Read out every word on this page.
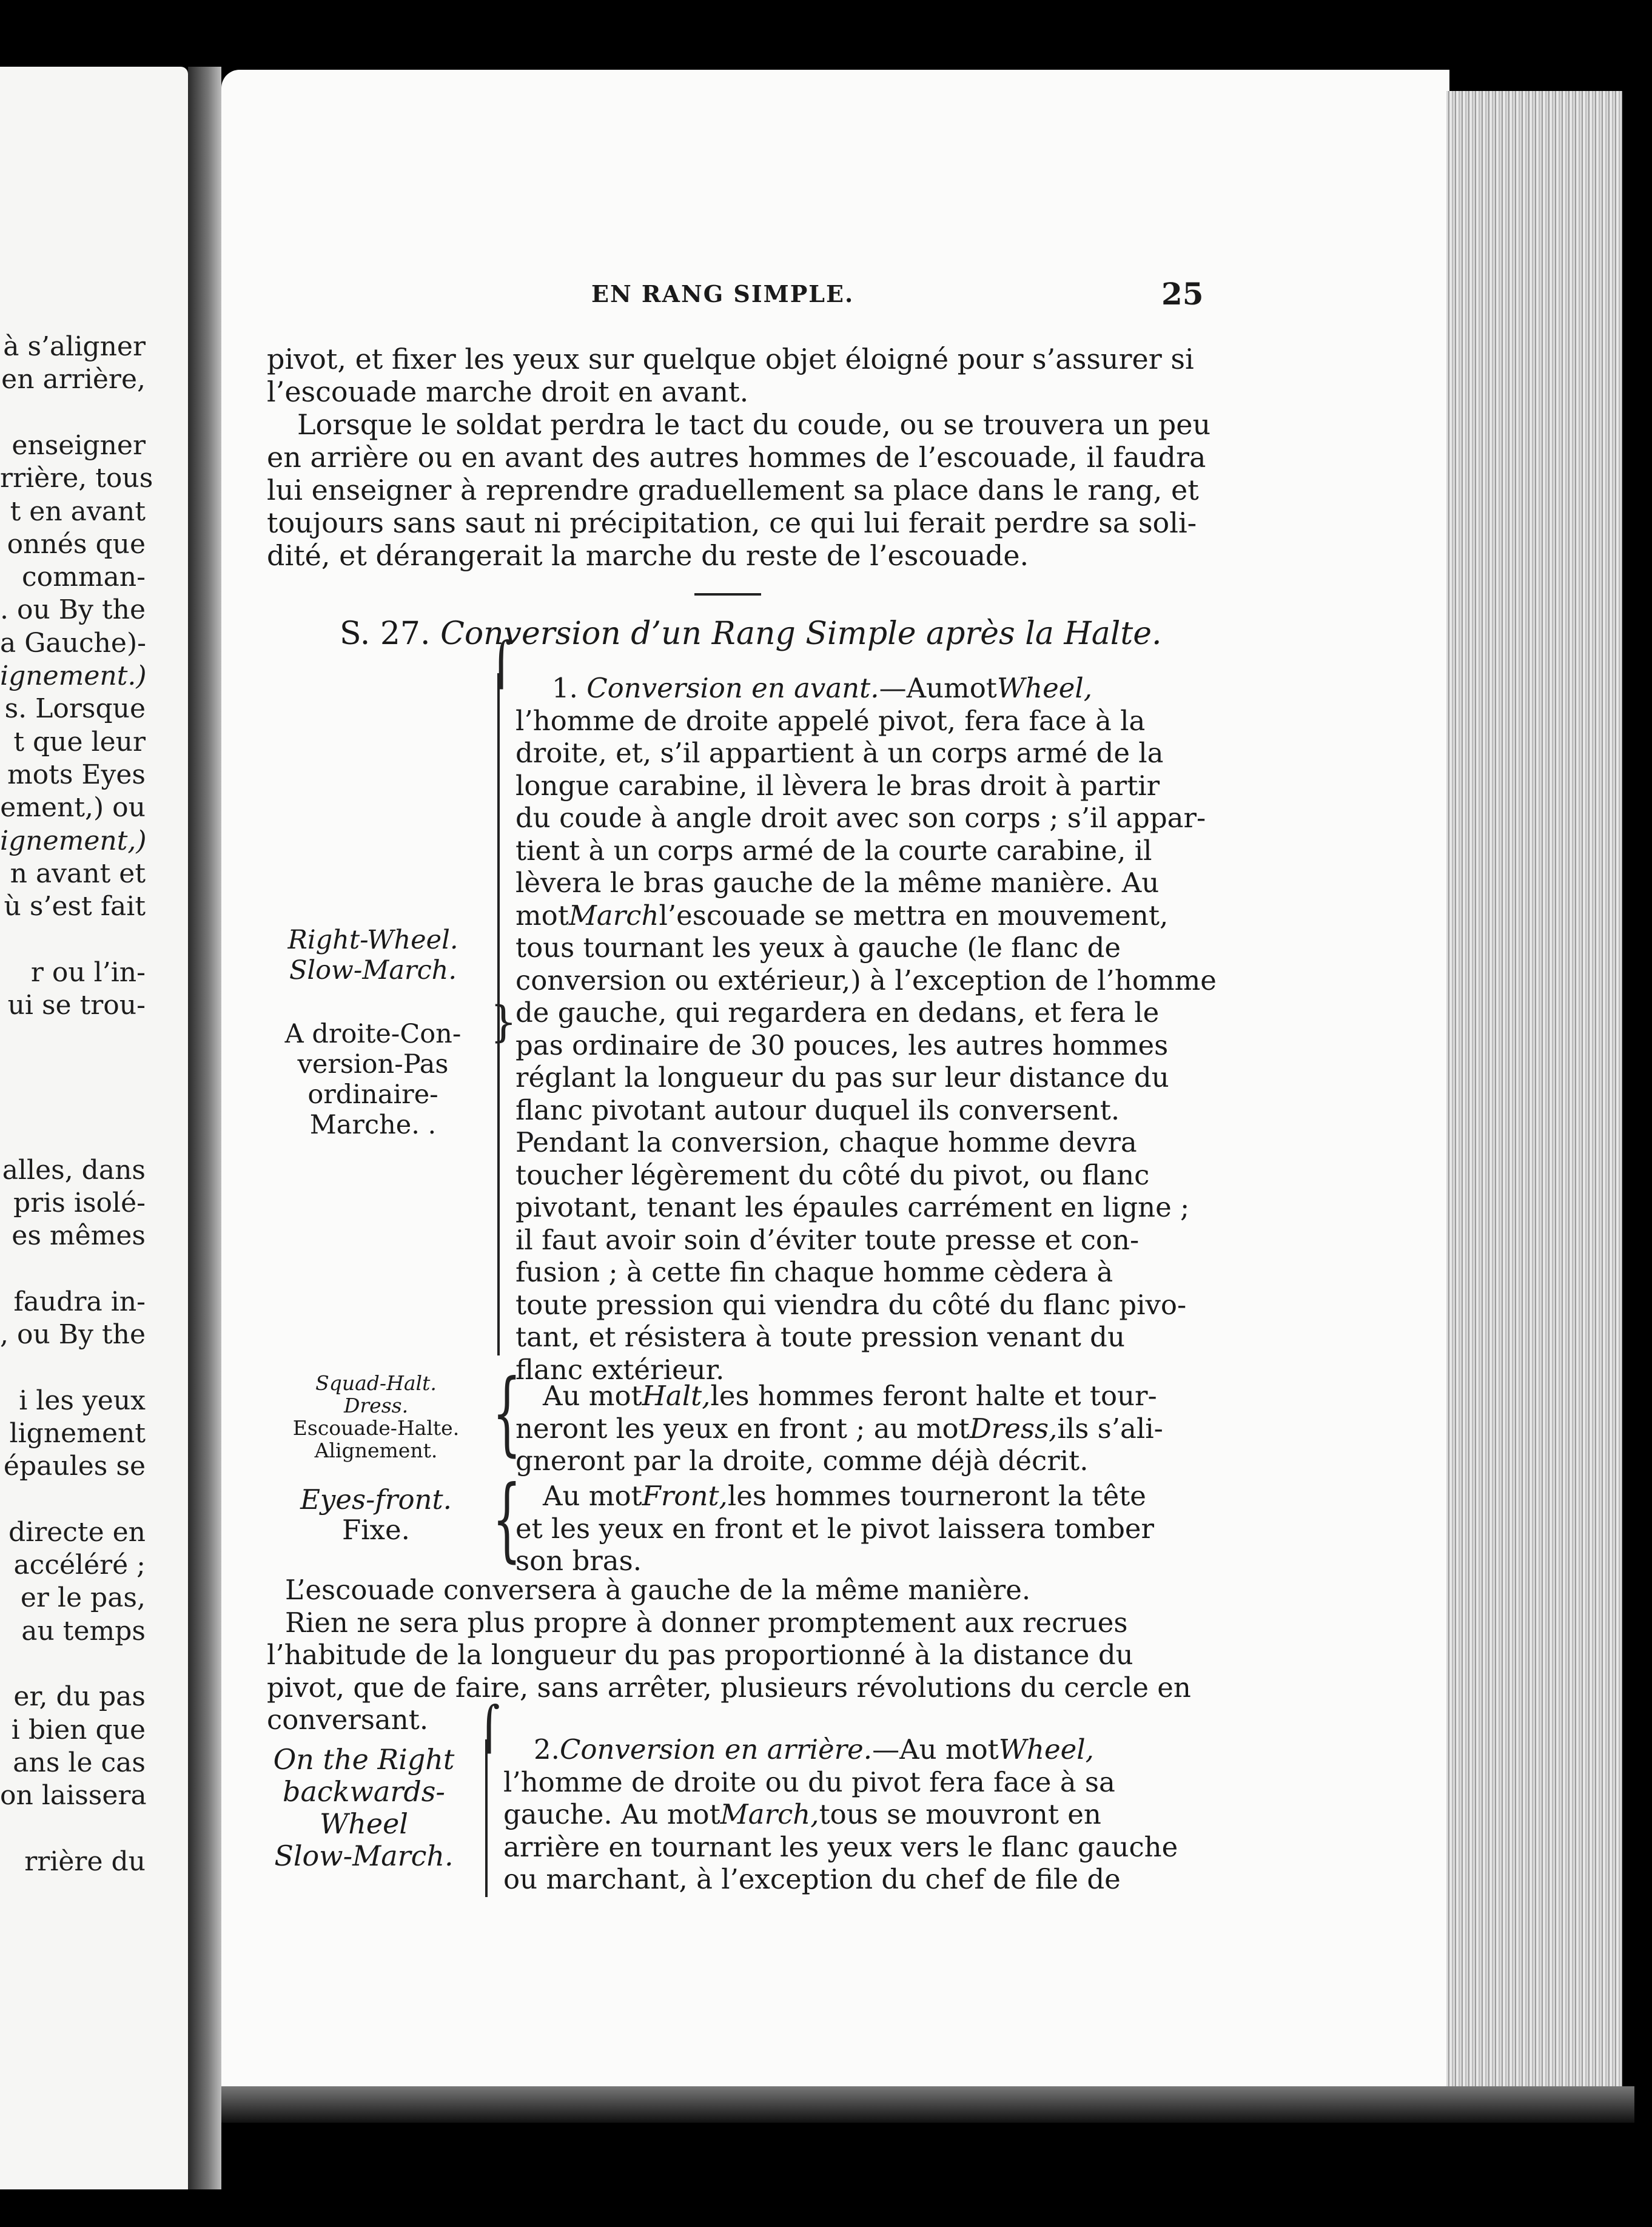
à s’aligner
en arrière,
enseigner
rrière, tous
t en avant
onnés que
comman-
. ou By the
a Gauche)-
ignement.)
s. Lorsque
t que leur
mots Eyes
ement,) ou
ignement,)
n avant et
ù s’est fait
r ou l’in-
ui se trou-
alles, dans
pris isolé-
es mêmes
faudra in-
, ou By the
i les yeux
lignement
épaules se
directe en
accéléré ;
er le pas,
au temps
er, du pas
i bien que
ans le cas
on laissera
rrière du
EN RANG SIMPLE.	25
pivot, et fixer les yeux sur quelque objet éloigné pour s’assurer si
l’escouade marche droit en avant.
Lorsque le soldat perdra le tact du coude, ou se trouvera un peu
en arrière ou en avant des autres hommes de l’escouade, il faudra
lui enseigner à reprendre graduellement sa place dans le rang, et
toujours sans saut ni précipitation, ce qui lui ferait perdre sa soli-
dité, et dérangerait la marche du reste de l’escouade.
S. 27. Conversion d’un Rang Simple après la Halte.
⌠
}
Right-Wheel.
Slow-March.
A droite-Con-
version-Pas
ordinaire-
Marche. .
1. Conversion en avant.—AumotWheel,
l’homme de droite appelé pivot, fera face à la
droite, et, s’il appartient à un corps armé de la
longue carabine, il lèvera le bras droit à partir
du coude à angle droit avec son corps ; s’il appar-
tient à un corps armé de la courte carabine, il
lèvera le bras gauche de la même manière. Au
motMarchl’escouade se mettra en mouvement,
tous tournant les yeux à gauche (le flanc de
conversion ou extérieur,) à l’exception de l’homme
de gauche, qui regardera en dedans, et fera le
pas ordinaire de 30 pouces, les autres hommes
réglant la longueur du pas sur leur distance du
flanc pivotant autour duquel ils conversent.
Pendant la conversion, chaque homme devra
toucher légèrement du côté du pivot, ou flanc
pivotant, tenant les épaules carrément en ligne ;
il faut avoir soin d’éviter toute presse et con-
fusion ; à cette fin chaque homme cèdera à
toute pression qui viendra du côté du flanc pivo-
tant, et résistera à toute pression venant du
flanc extérieur.
{
Squad-Halt.
Dress.
Escouade-Halte.
Alignement.
Au motHalt,les hommes feront halte et tour-
neront les yeux en front ; au motDress,ils s’ali-
gneront par la droite, comme déjà décrit.
{
Eyes-front.
Fixe.
Au motFront,les hommes tourneront la tête
et les yeux en front et le pivot laissera tomber
son bras.
L’escouade conversera à gauche de la même manière.
Rien ne sera plus propre à donner promptement aux recrues
l’habitude de la longueur du pas proportionné à la distance du
pivot, que de faire, sans arrêter, plusieurs révolutions du cercle en
conversant.	⌠
On the Right
backwards-
Wheel
Slow-March.
2.Conversion en arrière.—Au motWheel,
l’homme de droite ou du pivot fera face à sa
gauche. Au motMarch,tous se mouvront en
arrière en tournant les yeux vers le flanc gauche
ou marchant, à l’exception du chef de file de
